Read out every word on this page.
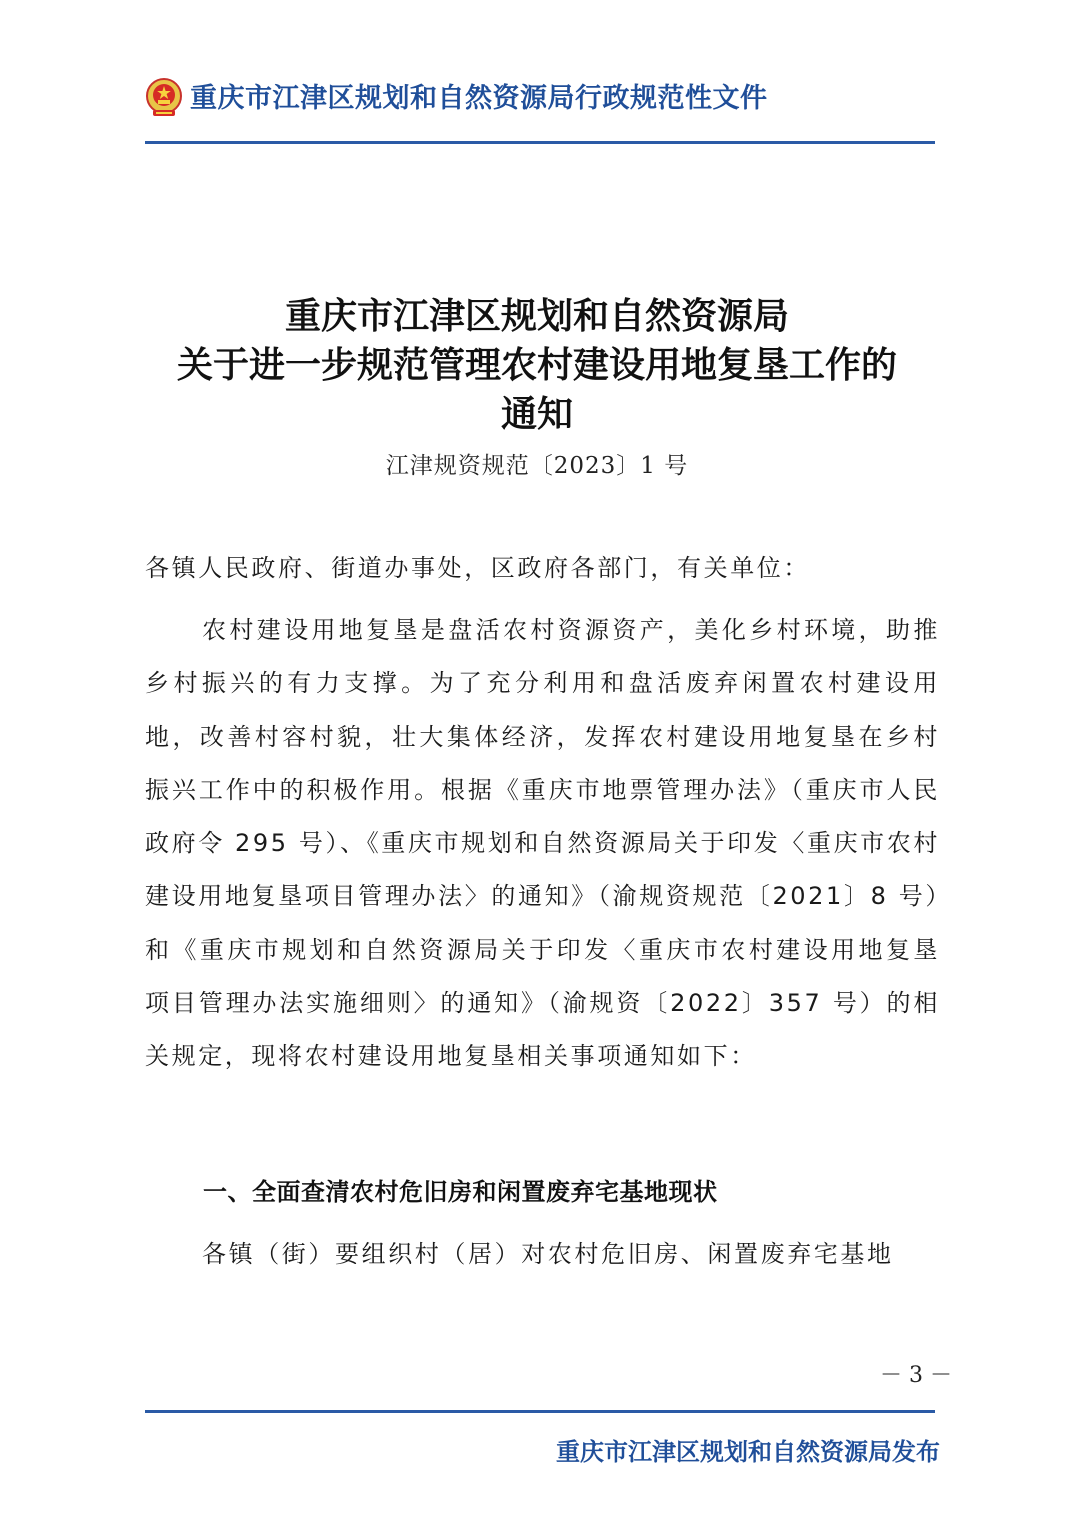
重庆市江津区规划和自然资源局行政规范性文件
重庆市江津区规划和自然资源局
关于进一步规范管理农村建设用地复垦工作的
通知
江津规资规范〔2023〕1 号
各镇人民政府、街道办事处，区政府各部门，有关单位：
农村建设用地复垦是盘活农村资源资产，美化乡村环境，助推乡村振兴的有力支撑。为了充分利用和盘活废弃闲置农村建设用地，改善村容村貌，壮大集体经济，发挥农村建设用地复垦在乡村振兴工作中的积极作用。根据《重庆市地票管理办法》（重庆市人民政府令 295 号）、《重庆市规划和自然资源局关于印发〈重庆市农村建设用地复垦项目管理办法〉的通知》（渝规资规范〔2021〕8 号）和《重庆市规划和自然资源局关于印发〈重庆市农村建设用地复垦项目管理办法实施细则〉的通知》（渝规资〔2022〕357 号）的相关规定，现将农村建设用地复垦相关事项通知如下：
一、全面查清农村危旧房和闲置废弃宅基地现状
各镇（街）要组织村（居）对农村危旧房、闲置废弃宅基地
－ 3 －
重庆市江津区规划和自然资源局发布
